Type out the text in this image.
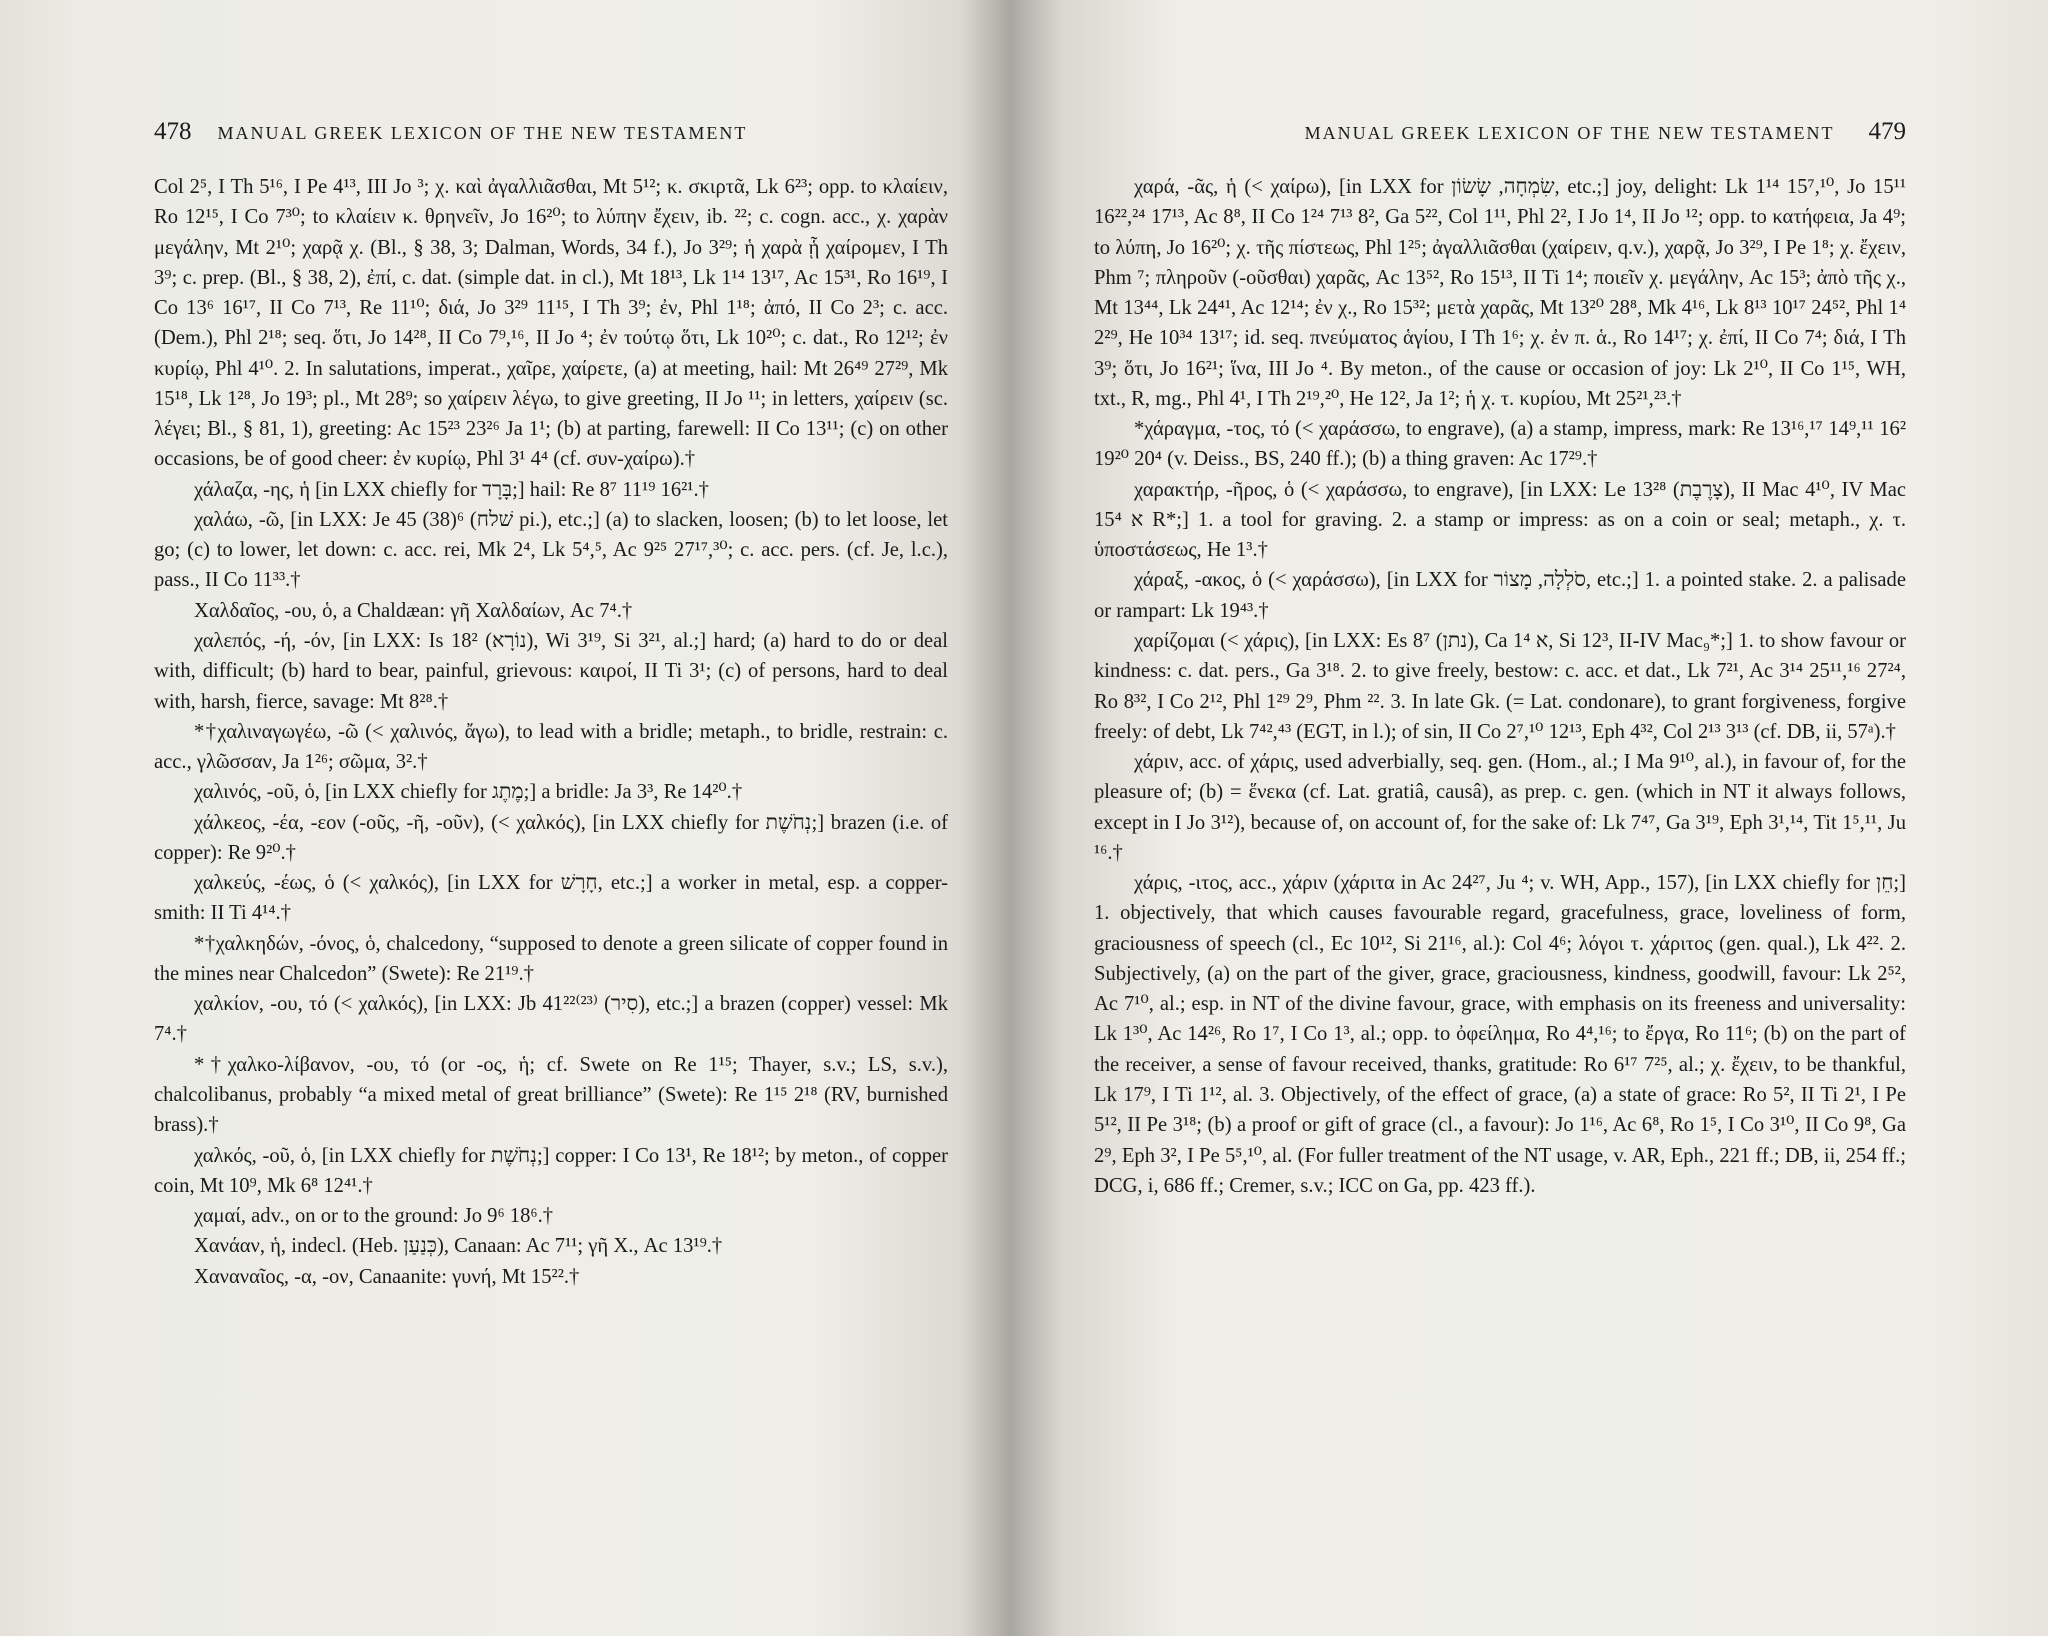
478 MANUAL GREEK LEXICON OF THE NEW TESTAMENT

Col 2⁵, I Th 5¹⁶, I Pe 4¹³, III Jo ³; χ. καὶ ἀγαλλιᾶσθαι, Mt 5¹²; κ. σκιρτᾶ, Lk 6²³; opp. to κλαίειν, Ro 12¹⁵, I Co 7³⁰; to κλαίειν κ. θρηνεῖν, Jo 16²⁰; to λύπην ἔχειν, ib. ²²; c. cogn. acc., χ. χαρὰν μεγάλην, Mt 2¹⁰; χαρᾷ χ. (Bl., § 38, 3; Dalman, Words, 34 f.), Jo 3²⁹; ἡ χαρὰ ᾗ χαίρομεν, I Th 3⁹; c. prep. (Bl., § 38, 2), ἐπί, c. dat. (simple dat. in cl.), Mt 18¹³, Lk 1¹⁴ 13¹⁷, Ac 15³¹, Ro 16¹⁹, I Co 13⁶ 16¹⁷, II Co 7¹³, Re 11¹⁰; διά, Jo 3²⁹ 11¹⁵, I Th 3⁹; ἐν, Phl 1¹⁸; ἀπό, II Co 2³; c. acc. (Dem.), Phl 2¹⁸; seq. ὅτι, Jo 14²⁸, II Co 7⁹,¹⁶, II Jo ⁴; ἐν τούτῳ ὅτι, Lk 10²⁰; c. dat., Ro 12¹²; ἐν κυρίῳ, Phl 4¹⁰. 2. In salutations, imperat., χαῖρε, χαίρετε, (a) at meeting, hail: Mt 26⁴⁹ 27²⁹, Mk 15¹⁸, Lk 1²⁸, Jo 19³; pl., Mt 28⁹; so χαίρειν λέγω, to give greeting, II Jo ¹¹; in letters, χαίρειν (sc. λέγει; Bl., § 81, 1), greeting: Ac 15²³ 23²⁶ Ja 1¹; (b) at parting, farewell: II Co 13¹¹; (c) on other occasions, be of good cheer: ἐν κυρίῳ, Phl 3¹ 4⁴ (cf. συν-χαίρω).†

χάλαζα, -ης, ἡ [in LXX chiefly for בָּרָד;] hail: Re 8⁷ 11¹⁹ 16²¹.†

χαλάω, -ῶ, [in LXX: Je 45 (38)⁶ (שׁלח pi.), etc.;] (a) to slacken, loosen; (b) to let loose, let go; (c) to lower, let down: c. acc. rei, Mk 2⁴, Lk 5⁴,⁵, Ac 9²⁵ 27¹⁷,³⁰; c. acc. pers. (cf. Je, l.c.), pass., II Co 11³³.†

Χαλδαῖος, -ου, ὁ, a Chaldæan: γῆ Χαλδαίων, Ac 7⁴.†

χαλεπός, -ή, -όν, [in LXX: Is 18² (נוֹרָא), Wi 3¹⁹, Si 3²¹, al.;] hard; (a) hard to do or deal with, difficult; (b) hard to bear, painful, grievous: καιροί, II Ti 3¹; (c) of persons, hard to deal with, harsh, fierce, savage: Mt 8²⁸.†

*†χαλιναγωγέω, -ῶ (< χαλινός, ἄγω), to lead with a bridle; metaph., to bridle, restrain: c. acc., γλῶσσαν, Ja 1²⁶; σῶμα, 3².†

χαλινός, -οῦ, ὁ, [in LXX chiefly for מֶתֶג;] a bridle: Ja 3³, Re 14²⁰.†

χάλκεος, -έα, -εον (-οῦς, -ῆ, -οῦν), (< χαλκός), [in LXX chiefly for נְחֹשֶׁת;] brazen (i.e. of copper): Re 9²⁰.†

χαλκεύς, -έως, ὁ (< χαλκός), [in LXX for חָרָשׁ, etc.;] a worker in metal, esp. a copper-smith: II Ti 4¹⁴.†

*†χαλκηδών, -όνος, ὁ, chalcedony, “supposed to denote a green silicate of copper found in the mines near Chalcedon” (Swete): Re 21¹⁹.†

χαλκίον, -ου, τό (< χαλκός), [in LXX: Jb 41²²⁽²³⁾ (סִיר), etc.;] a brazen (copper) vessel: Mk 7⁴.†

*†χαλκο-λίβανον, -ου, τό (or -ος, ἡ; cf. Swete on Re 1¹⁵; Thayer, s.v.; LS, s.v.), chalcolibanus, probably “a mixed metal of great brilliance” (Swete): Re 1¹⁵ 2¹⁸ (RV, burnished brass).†

χαλκός, -οῦ, ὁ, [in LXX chiefly for נְחֹשֶׁת;] copper: I Co 13¹, Re 18¹²; by meton., of copper coin, Mt 10⁹, Mk 6⁸ 12⁴¹.†

χαμαί, adv., on or to the ground: Jo 9⁶ 18⁶.†

Χανάαν, ἡ, indecl. (Heb. כְּנַעַן), Canaan: Ac 7¹¹; γῆ Χ., Ac 13¹⁹.†

Χαναναῖος, -α, -ον, Canaanite: γυνή, Mt 15²².†

MANUAL GREEK LEXICON OF THE NEW TESTAMENT 479

χαρά, -ᾶς, ἡ (< χαίρω), [in LXX for שִׂמְחָה, שָׂשׂוֹן, etc.;] joy, delight: Lk 1¹⁴ 15⁷,¹⁰, Jo 15¹¹ 16²²,²⁴ 17¹³, Ac 8⁸, II Co 1²⁴ 7¹³ 8², Ga 5²², Col 1¹¹, Phl 2², I Jo 1⁴, II Jo ¹²; opp. to κατήφεια, Ja 4⁹; to λύπη, Jo 16²⁰; χ. τῆς πίστεως, Phl 1²⁵; ἀγαλλιᾶσθαι (χαίρειν, q.v.), χαρᾷ, Jo 3²⁹, I Pe 1⁸; χ. ἔχειν, Phm ⁷; πληροῦν (-οῦσθαι) χαρᾶς, Ac 13⁵², Ro 15¹³, II Ti 1⁴; ποιεῖν χ. μεγάλην, Ac 15³; ἀπὸ τῆς χ., Mt 13⁴⁴, Lk 24⁴¹, Ac 12¹⁴; ἐν χ., Ro 15³²; μετὰ χαρᾶς, Mt 13²⁰ 28⁸, Mk 4¹⁶, Lk 8¹³ 10¹⁷ 24⁵², Phl 1⁴ 2²⁹, He 10³⁴ 13¹⁷; id. seq. πνεύματος ἁγίου, I Th 1⁶; χ. ἐν π. ἁ., Ro 14¹⁷; χ. ἐπί, II Co 7⁴; διά, I Th 3⁹; ὅτι, Jo 16²¹; ἵνα, III Jo ⁴. By meton., of the cause or occasion of joy: Lk 2¹⁰, II Co 1¹⁵, WH, txt., R, mg., Phl 4¹, I Th 2¹⁹,²⁰, He 12², Ja 1²; ἡ χ. τ. κυρίου, Mt 25²¹,²³.†

*χάραγμα, -τος, τό (< χαράσσω, to engrave), (a) a stamp, impress, mark: Re 13¹⁶,¹⁷ 14⁹,¹¹ 16² 19²⁰ 20⁴ (v. Deiss., BS, 240 ff.); (b) a thing graven: Ac 17²⁹.†

χαρακτήρ, -ῆρος, ὁ (< χαράσσω, to engrave), [in LXX: Le 13²⁸ (צָרֶבֶת), II Mac 4¹⁰, IV Mac 15⁴ א R*;] 1. a tool for graving. 2. a stamp or impress: as on a coin or seal; metaph., χ. τ. ὑποστάσεως, He 1³.†

χάραξ, -ακος, ὁ (< χαράσσω), [in LXX for סֹלְלָה, מָצוֹר, etc.;] 1. a pointed stake. 2. a palisade or rampart: Lk 19⁴³.†

χαρίζομαι (< χάρις), [in LXX: Es 8⁷ (נתן), Ca 1⁴ א, Si 12³, II-IV Mac₉*;] 1. to show favour or kindness: c. dat. pers., Ga 3¹⁸. 2. to give freely, bestow: c. acc. et dat., Lk 7²¹, Ac 3¹⁴ 25¹¹,¹⁶ 27²⁴, Ro 8³², I Co 2¹², Phl 1²⁹ 2⁹, Phm ²². 3. In late Gk. (= Lat. condonare), to grant forgiveness, forgive freely: of debt, Lk 7⁴²,⁴³ (EGT, in l.); of sin, II Co 2⁷,¹⁰ 12¹³, Eph 4³², Col 2¹³ 3¹³ (cf. DB, ii, 57ᵃ).†

χάριν, acc. of χάρις, used adverbially, seq. gen. (Hom., al.; I Ma 9¹⁰, al.), in favour of, for the pleasure of; (b) = ἕνεκα (cf. Lat. gratiâ, causâ), as prep. c. gen. (which in NT it always follows, except in I Jo 3¹²), because of, on account of, for the sake of: Lk 7⁴⁷, Ga 3¹⁹, Eph 3¹,¹⁴, Tit 1⁵,¹¹, Ju ¹⁶.†

χάρις, -ιτος, acc., χάριν (χάριτα in Ac 24²⁷, Ju ⁴; v. WH, App., 157), [in LXX chiefly for חֵן;] 1. objectively, that which causes favourable regard, gracefulness, grace, loveliness of form, graciousness of speech (cl., Ec 10¹², Si 21¹⁶, al.): Col 4⁶; λόγοι τ. χάριτος (gen. qual.), Lk 4²². 2. Subjectively, (a) on the part of the giver, grace, graciousness, kindness, goodwill, favour: Lk 2⁵², Ac 7¹⁰, al.; esp. in NT of the divine favour, grace, with emphasis on its freeness and universality: Lk 1³⁰, Ac 14²⁶, Ro 1⁷, I Co 1³, al.; opp. to ὀφείλημα, Ro 4⁴,¹⁶; to ἔργα, Ro 11⁶; (b) on the part of the receiver, a sense of favour received, thanks, gratitude: Ro 6¹⁷ 7²⁵, al.; χ. ἔχειν, to be thankful, Lk 17⁹, I Ti 1¹², al. 3. Objectively, of the effect of grace, (a) a state of grace: Ro 5², II Ti 2¹, I Pe 5¹², II Pe 3¹⁸; (b) a proof or gift of grace (cl., a favour): Jo 1¹⁶, Ac 6⁸, Ro 1⁵, I Co 3¹⁰, II Co 9⁸, Ga 2⁹, Eph 3², I Pe 5⁵,¹⁰, al. (For fuller treatment of the NT usage, v. AR, Eph., 221 ff.; DB, ii, 254 ff.; DCG, i, 686 ff.; Cremer, s.v.; ICC on Ga, pp. 423 ff.).
